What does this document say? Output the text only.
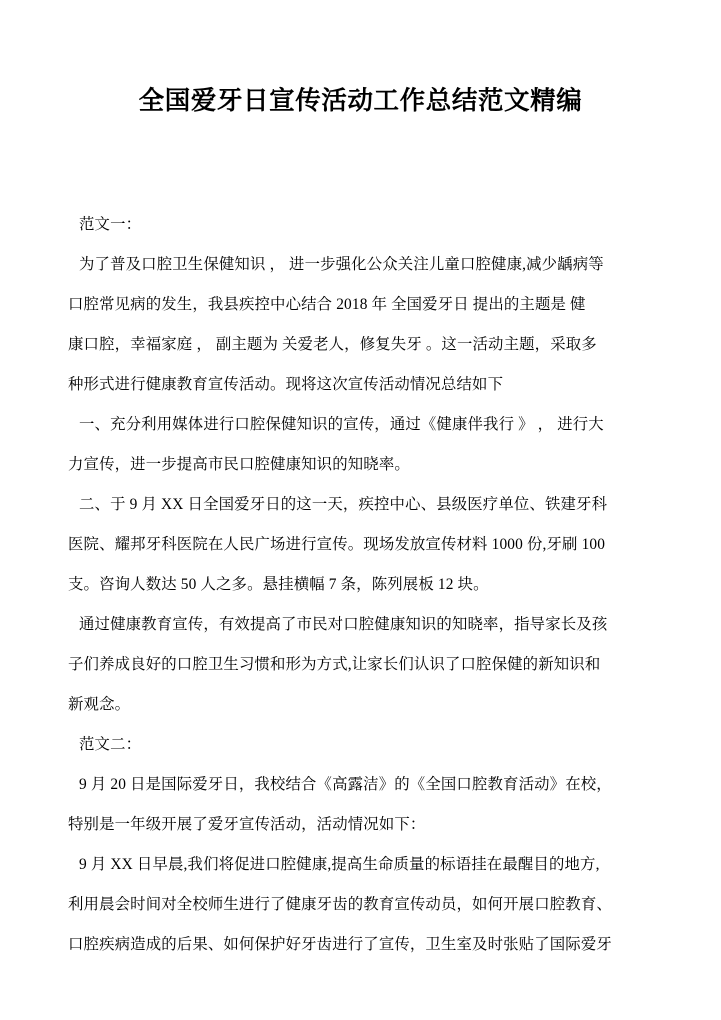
全国爱牙日宣传活动工作总结范文精编
范文一：
为了普及口腔卫生保健知识 ， 进一步强化公众关注儿童口腔健康,减少龋病等
口腔常见病的发生，我县疾控中心结合 2018 年 全国爱牙日 提出的主题是 健
康口腔，幸福家庭 ， 副主题为 关爱老人，修复失牙 。这一活动主题，采取多
种形式进行健康教育宣传活动。现将这次宣传活动情况总结如下
一、充分利用媒体进行口腔保健知识的宣传，通过《健康伴我行 》 ， 进行大
力宣传，进一步提高市民口腔健康知识的知晓率。
二、于 9 月 XX 日全国爱牙日的这一天，疾控中心、县级医疗单位、铁建牙科
医院、耀邦牙科医院在人民广场进行宣传。现场发放宣传材料 1000 份,牙刷 100
支。咨询人数达 50 人之多。悬挂横幅 7 条，陈列展板 12 块。
通过健康教育宣传，有效提高了市民对口腔健康知识的知晓率，指导家长及孩
子们养成良好的口腔卫生习惯和形为方式,让家长们认识了口腔保健的新知识和
新观念。
范文二：
9 月 20 日是国际爱牙日，我校结合《高露洁》的《全国口腔教育活动》在校，
特别是一年级开展了爱牙宣传活动，活动情况如下：
9 月 XX 日早晨,我们将促进口腔健康,提高生命质量的标语挂在最醒目的地方,
利用晨会时间对全校师生进行了健康牙齿的教育宣传动员，如何开展口腔教育、
口腔疾病造成的后果、如何保护好牙齿进行了宣传，卫生室及时张贴了国际爱牙
